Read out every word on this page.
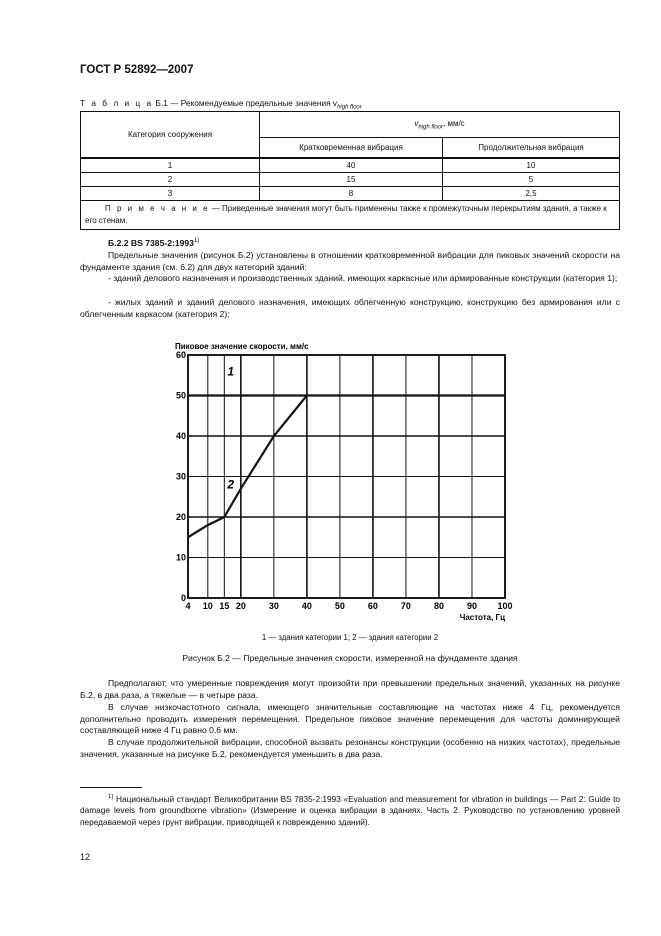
ГОСТ Р 52892—2007
Т а б л и ц а Б.1 — Рекомендуемые предельные значения $v_{high floor}$
Категория сооружения	$v_{high floor}$, мм/с	
	Кратковременная вибрация	Продолжительная вибрация
1	40	10
2	15	5
3	8	2,5
П р и м е ч а н и е — Приведенные значения могут быть применены также к промежуточным перекрытиям здания, а также к его стенам.		
Б.2.2 BS 7385-2:1993$^{1)}$
Предельные значения (рисунок Б.2) установлены в отношении кратковременной вибрации для пиковых значений скорости на фундаменте здания (см. 6.2) для двух категорий зданий:
- зданий делового назначения и производственных зданий, имеющих каркасные или армированные конструкции (категория 1);
- жилых зданий и зданий делового назначения, имеющих облегченную конструкцию, конструкцию без армирования или с облегченным каркасом (категория 2);
4 10 15 20	30	40	50	60	70	80	90 100
0
10
20
30
40
50
60
Пиковое значение скорости, мм/с
Частота, Гц
1
2
1 — здания категории 1; 2 — здания категории 2
Рисунок Б.2 — Предельные значения скорости, измеренной на фундаменте здания
Предполагают, что умеренные повреждения могут произойти при превышении предельных значений, указанных на рисунке Б.2, в два раза, а тяжелые — в четыре раза.
В случае низкочастотного сигнала, имеющего значительные составляющие на частотах ниже 4 Гц, рекомендуется дополнительно проводить измерения перемещения. Предельное пиковое значение перемещения для частоты доминирующей составляющей ниже 4 Гц равно 0,6 мм.
В случае продолжительной вибрации, способной вызвать резонансы конструкции (особенно на низких частотах), предельные значения, указанные на рисунке Б.2, рекомендуется уменьшить в два раза.
$^{1)}$ Национальный стандарт Великобритании BS 7835-2:1993 «Evaluation and measurement for vibration in buildings — Part 2: Guide to damage levels from groundborne vibration» (Измерение и оценка вибрации в зданиях. Часть 2. Руководство по установлению уровней передаваемой через грунт вибрации, приводящей к повреждению зданий).
12
